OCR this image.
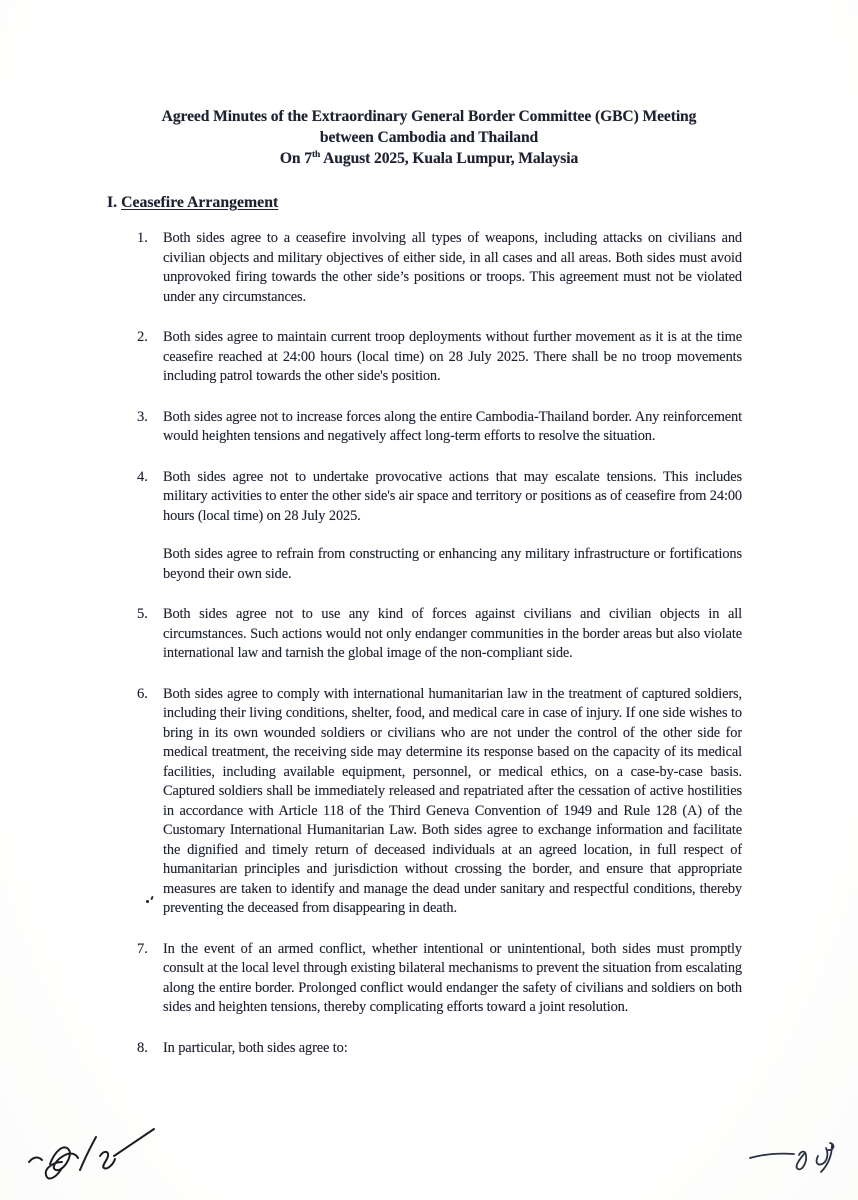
Agreed Minutes of the Extraordinary General Border Committee (GBC) Meeting
between Cambodia and Thailand
On 7th August 2025, Kuala Lumpur, Malaysia
I. Ceasefire Arrangement
1.	Both sides agree to a ceasefire involving all types of weapons, including attacks on civilians and civilian objects and military objectives of either side, in all cases and all areas. Both sides must avoid unprovoked firing towards the other side’s positions or troops. This agreement must not be violated under any circumstances.

2.	Both sides agree to maintain current troop deployments without further movement as it is at the time ceasefire reached at 24:00 hours (local time) on 28 July 2025. There shall be no troop movements including patrol towards the other side's position.

3.	Both sides agree not to increase forces along the entire Cambodia-Thailand border. Any reinforcement would heighten tensions and negatively affect long-term efforts to resolve the situation.

4.	Both sides agree not to undertake provocative actions that may escalate tensions. This includes military activities to enter the other side's air space and territory or positions as of ceasefire from 24:00 hours (local time) on 28 July 2025.

Both sides agree to refrain from constructing or enhancing any military infrastructure or fortifications beyond their own side.

5.	Both sides agree not to use any kind of forces against civilians and civilian objects in all circumstances. Such actions would not only endanger communities in the border areas but also violate international law and tarnish the global image of the non-compliant side.

6.	Both sides agree to comply with international humanitarian law in the treatment of captured soldiers, including their living conditions, shelter, food, and medical care in case of injury. If one side wishes to bring in its own wounded soldiers or civilians who are not under the control of the other side for medical treatment, the receiving side may determine its response based on the capacity of its medical facilities, including available equipment, personnel, or medical ethics, on a case-by-case basis. Captured soldiers shall be immediately released and repatriated after the cessation of active hostilities in accordance with Article 118 of the Third Geneva Convention of 1949 and Rule 128 (A) of the Customary International Humanitarian Law. Both sides agree to exchange information and facilitate the dignified and timely return of deceased individuals at an agreed location, in full respect of humanitarian principles and jurisdiction without crossing the border, and ensure that appropriate measures are taken to identify and manage the dead under sanitary and respectful conditions, thereby preventing the deceased from disappearing in death.

7.	In the event of an armed conflict, whether intentional or unintentional, both sides must promptly consult at the local level through existing bilateral mechanisms to prevent the situation from escalating along the entire border. Prolonged conflict would endanger the safety of civilians and soldiers on both sides and heighten tensions, thereby complicating efforts toward a joint resolution.

8.	In particular, both sides agree to:
